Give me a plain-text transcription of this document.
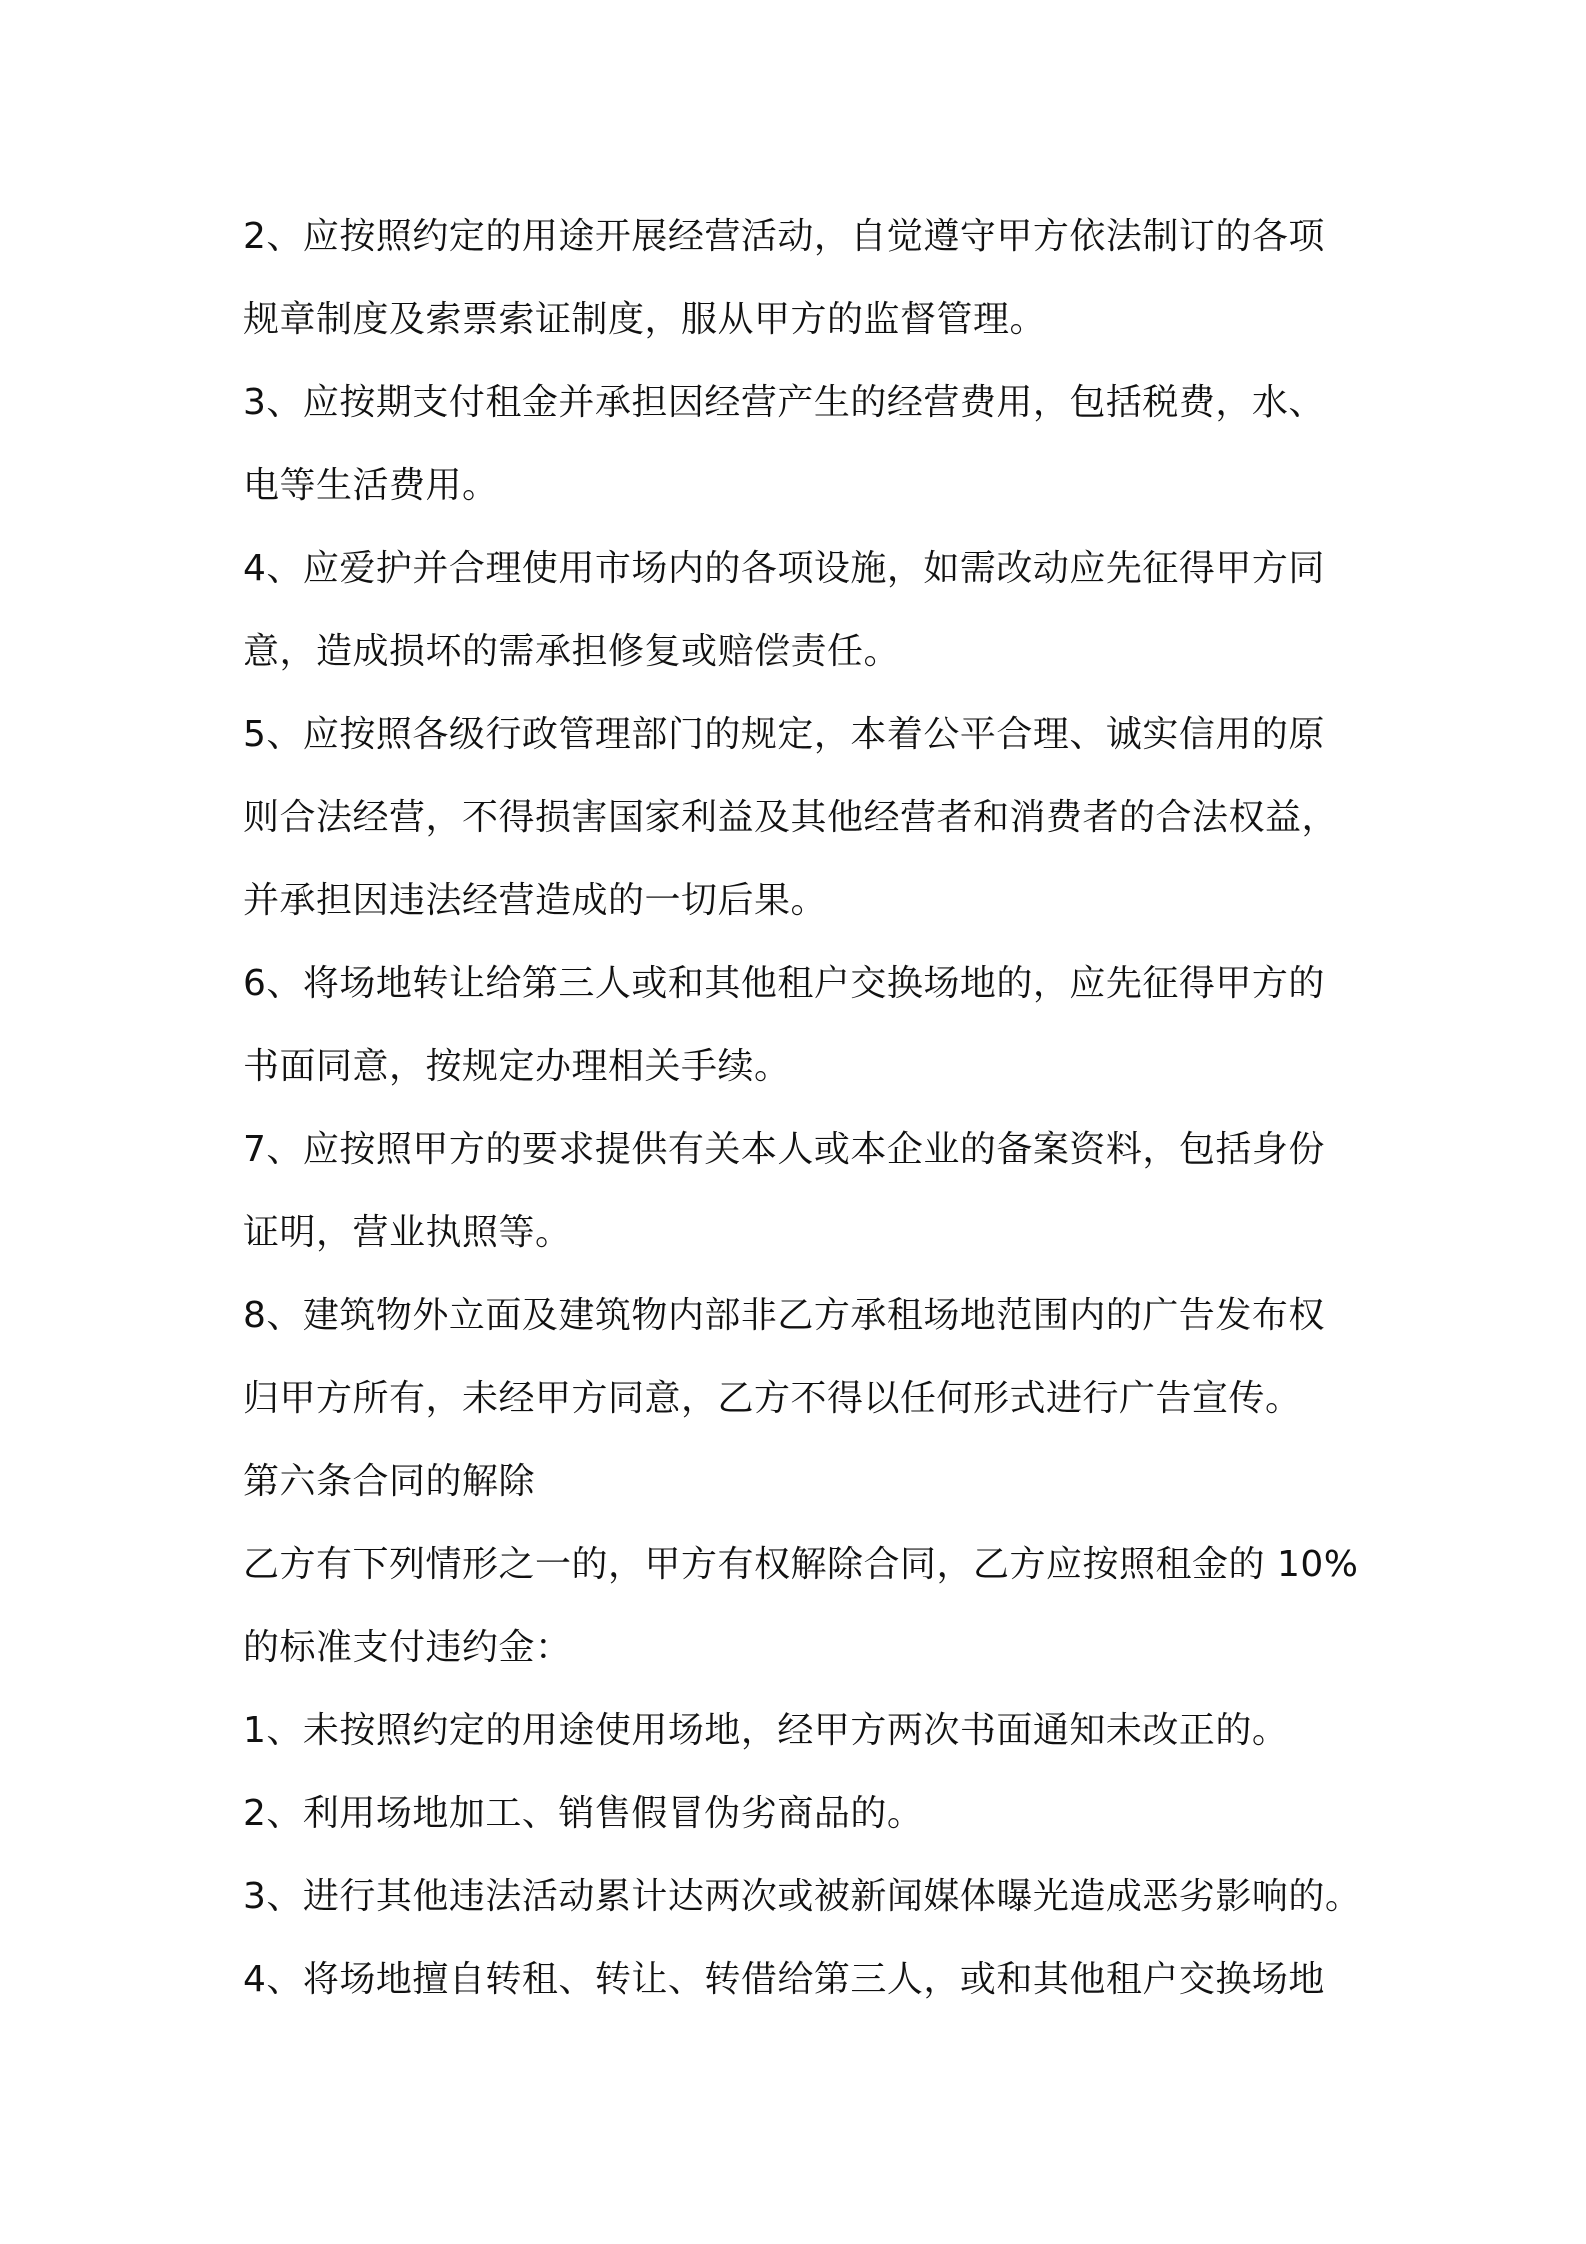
2、应按照约定的用途开展经营活动，自觉遵守甲方依法制订的各项
规章制度及索票索证制度，服从甲方的监督管理。
3、应按期支付租金并承担因经营产生的经营费用，包括税费，水、
电等生活费用。
4、应爱护并合理使用市场内的各项设施，如需改动应先征得甲方同
意，造成损坏的需承担修复或赔偿责任。
5、应按照各级行政管理部门的规定，本着公平合理、诚实信用的原
则合法经营，不得损害国家利益及其他经营者和消费者的合法权益，
并承担因违法经营造成的一切后果。
6、将场地转让给第三人或和其他租户交换场地的，应先征得甲方的
书面同意，按规定办理相关手续。
7、应按照甲方的要求提供有关本人或本企业的备案资料，包括身份
证明，营业执照等。
8、建筑物外立面及建筑物内部非乙方承租场地范围内的广告发布权
归甲方所有，未经甲方同意，乙方不得以任何形式进行广告宣传。
第六条合同的解除
乙方有下列情形之一的，甲方有权解除合同，乙方应按照租金的 10%
的标准支付违约金：
1、未按照约定的用途使用场地，经甲方两次书面通知未改正的。
2、利用场地加工、销售假冒伪劣商品的。
3、进行其他违法活动累计达两次或被新闻媒体曝光造成恶劣影响的。
4、将场地擅自转租、转让、转借给第三人，或和其他租户交换场地
